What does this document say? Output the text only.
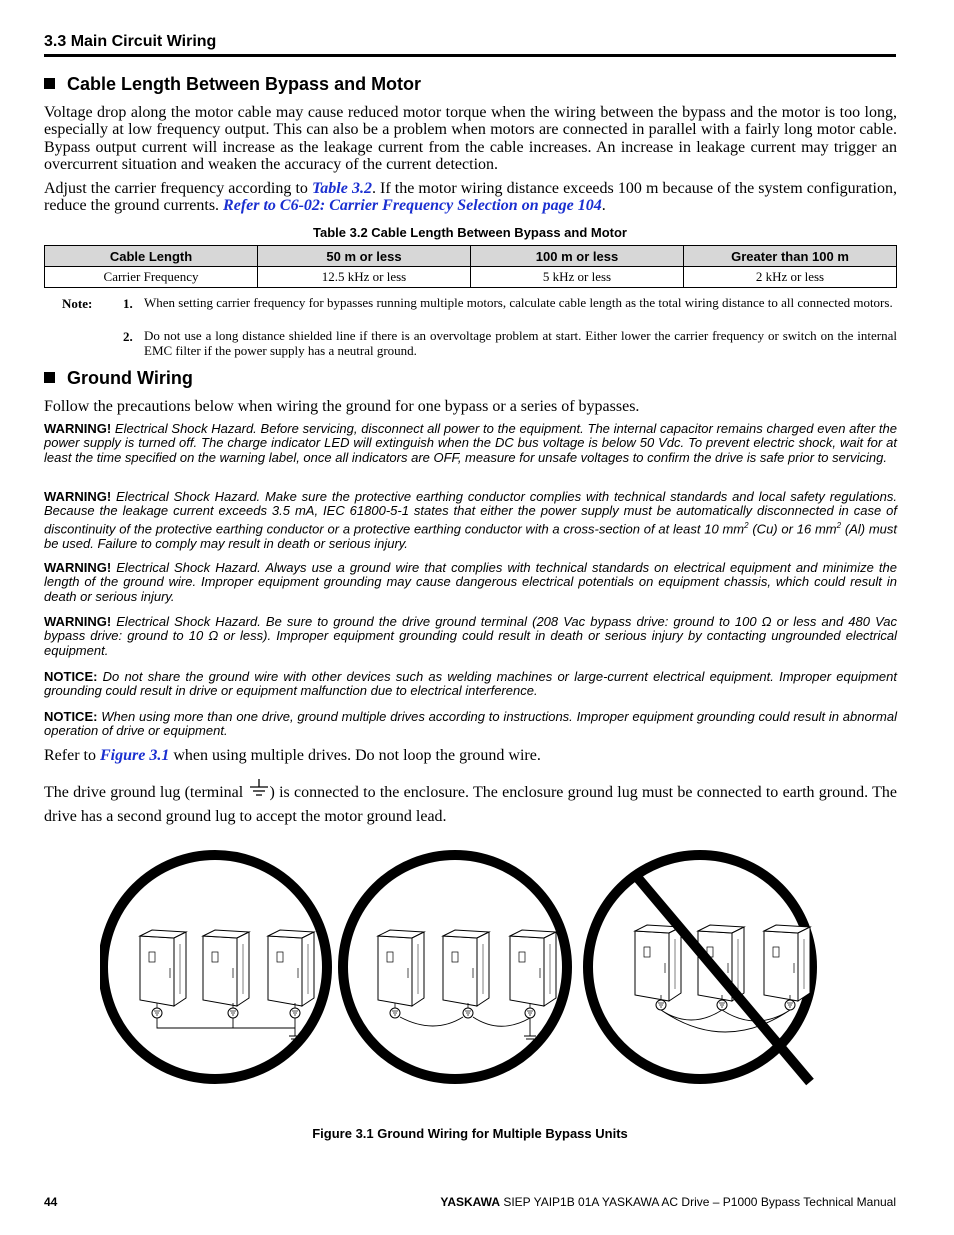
3.3 Main Circuit Wiring
Cable Length Between Bypass and Motor
Voltage drop along the motor cable may cause reduced motor torque when the wiring between the bypass and the motor is too long, especially at low frequency output. This can also be a problem when motors are connected in parallel with a fairly long motor cable. Bypass output current will increase as the leakage current from the cable increases. An increase in leakage current may trigger an overcurrent situation and weaken the accuracy of the current detection.
Adjust the carrier frequency according to Table 3.2. If the motor wiring distance exceeds 100 m because of the system configuration, reduce the ground currents. Refer to C6-02: Carrier Frequency Selection on page 104.
Table 3.2 Cable Length Between Bypass and Motor
Cable Length	50 m or less	100 m or less	Greater than 100 m
Carrier Frequency	12.5 kHz or less	5 kHz or less	2 kHz or less
Note: 1. When setting carrier frequency for bypasses running multiple motors, calculate cable length as the total wiring distance to all connected motors.
2. Do not use a long distance shielded line if there is an overvoltage problem at start. Either lower the carrier frequency or switch on the internal EMC filter if the power supply has a neutral ground.
Ground Wiring
Follow the precautions below when wiring the ground for one bypass or a series of bypasses.
WARNING! Electrical Shock Hazard. Before servicing, disconnect all power to the equipment. The internal capacitor remains charged even after the power supply is turned off. The charge indicator LED will extinguish when the DC bus voltage is below 50 Vdc. To prevent electric shock, wait for at least the time specified on the warning label, once all indicators are OFF, measure for unsafe voltages to confirm the drive is safe prior to servicing.
WARNING! Electrical Shock Hazard. Make sure the protective earthing conductor complies with technical standards and local safety regulations. Because the leakage current exceeds 3.5 mA, IEC 61800-5-1 states that either the power supply must be automatically disconnected in case of discontinuity of the protective earthing conductor or a protective earthing conductor with a cross-section of at least 10 $mm^2$ (Cu) or 16 $mm^2$ (Al) must be used. Failure to comply may result in death or serious injury.
WARNING! Electrical Shock Hazard. Always use a ground wire that complies with technical standards on electrical equipment and minimize the length of the ground wire. Improper equipment grounding may cause dangerous electrical potentials on equipment chassis, which could result in death or serious injury.
WARNING! Electrical Shock Hazard. Be sure to ground the drive ground terminal (208 Vac bypass drive: ground to 100 Ω or less and 480 Vac bypass drive: ground to 10 Ω or less). Improper equipment grounding could result in death or serious injury by contacting ungrounded electrical equipment.
NOTICE: Do not share the ground wire with other devices such as welding machines or large-current electrical equipment. Improper equipment grounding could result in drive or equipment malfunction due to electrical interference.
NOTICE: When using more than one drive, ground multiple drives according to instructions. Improper equipment grounding could result in abnormal operation of drive or equipment.
Refer to Figure 3.1 when using multiple drives. Do not loop the ground wire.
The drive ground lug (terminal ) is connected to the enclosure. The enclosure ground lug must be connected to earth ground. The drive has a second ground lug to accept the motor ground lead.
Figure 3.1 Ground Wiring for Multiple Bypass Units
44	YASKAWA SIEP YAIP1B 01A YASKAWA AC Drive – P1000 Bypass Technical Manual
